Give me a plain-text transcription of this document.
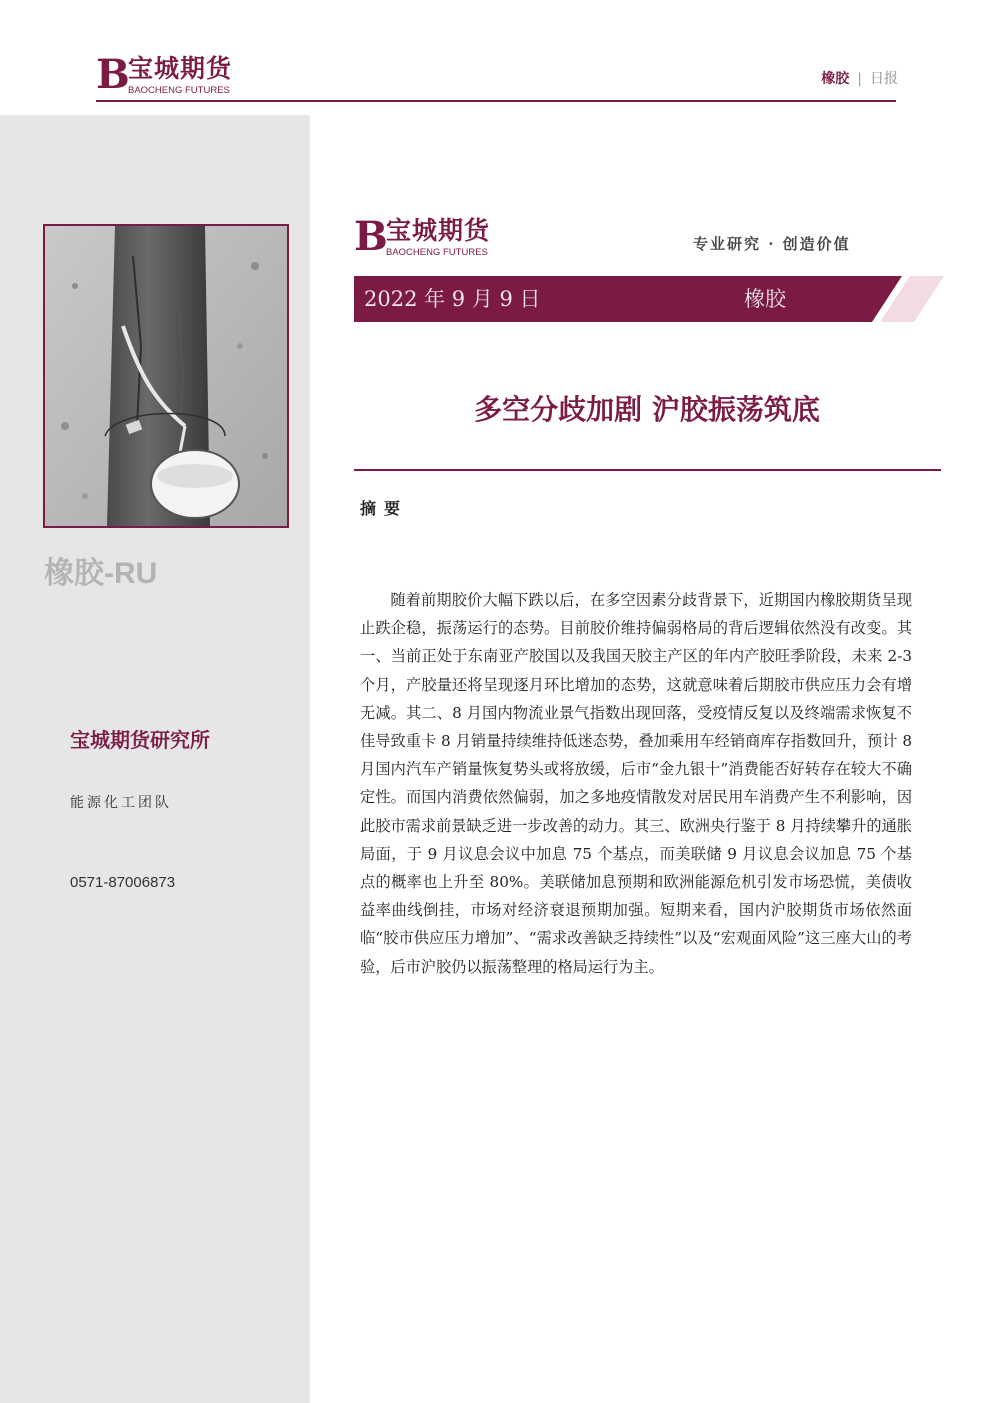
B
宝城期货
BAOCHENG FUTURES
橡胶 | 日报
橡胶-RU
宝城期货研究所
能源化工团队
0571-87006873
B
宝城期货
BAOCHENG FUTURES	专业研究 · 创造价值
2022 年 9 月 9 日	橡胶
多空分歧加剧 沪胶振荡筑底
摘要

随着前期胶价大幅下跌以后，在多空因素分歧背景下，近期国内橡胶期货呈现止跌企稳，振荡运行的态势。目前胶价维持偏弱格局的背后逻辑依然没有改变。其一、当前正处于东南亚产胶国以及我国天胶主产区的年内产胶旺季阶段，未来 2-3 个月，产胶量还将呈现逐月环比增加的态势，这就意味着后期胶市供应压力会有增无减。其二、8 月国内物流业景气指数出现回落，受疫情反复以及终端需求恢复不佳导致重卡 8 月销量持续维持低迷态势，叠加乘用车经销商库存指数回升，预计 8 月国内汽车产销量恢复势头或将放缓，后市“金九银十”消费能否好转存在较大不确定性。而国内消费依然偏弱，加之多地疫情散发对居民用车消费产生不利影响，因此胶市需求前景缺乏进一步改善的动力。其三、欧洲央行鉴于 8 月持续攀升的通胀局面，于 9 月议息会议中加息 75 个基点，而美联储 9 月议息会议加息 75 个基点的概率也上升至 80%。美联储加息预期和欧洲能源危机引发市场恐慌，美债收益率曲线倒挂，市场对经济衰退预期加强。短期来看，国内沪胶期货市场依然面临“胶市供应压力增加”、“需求改善缺乏持续性”以及“宏观面风险”这三座大山的考验，后市沪胶仍以振荡整理的格局运行为主。
